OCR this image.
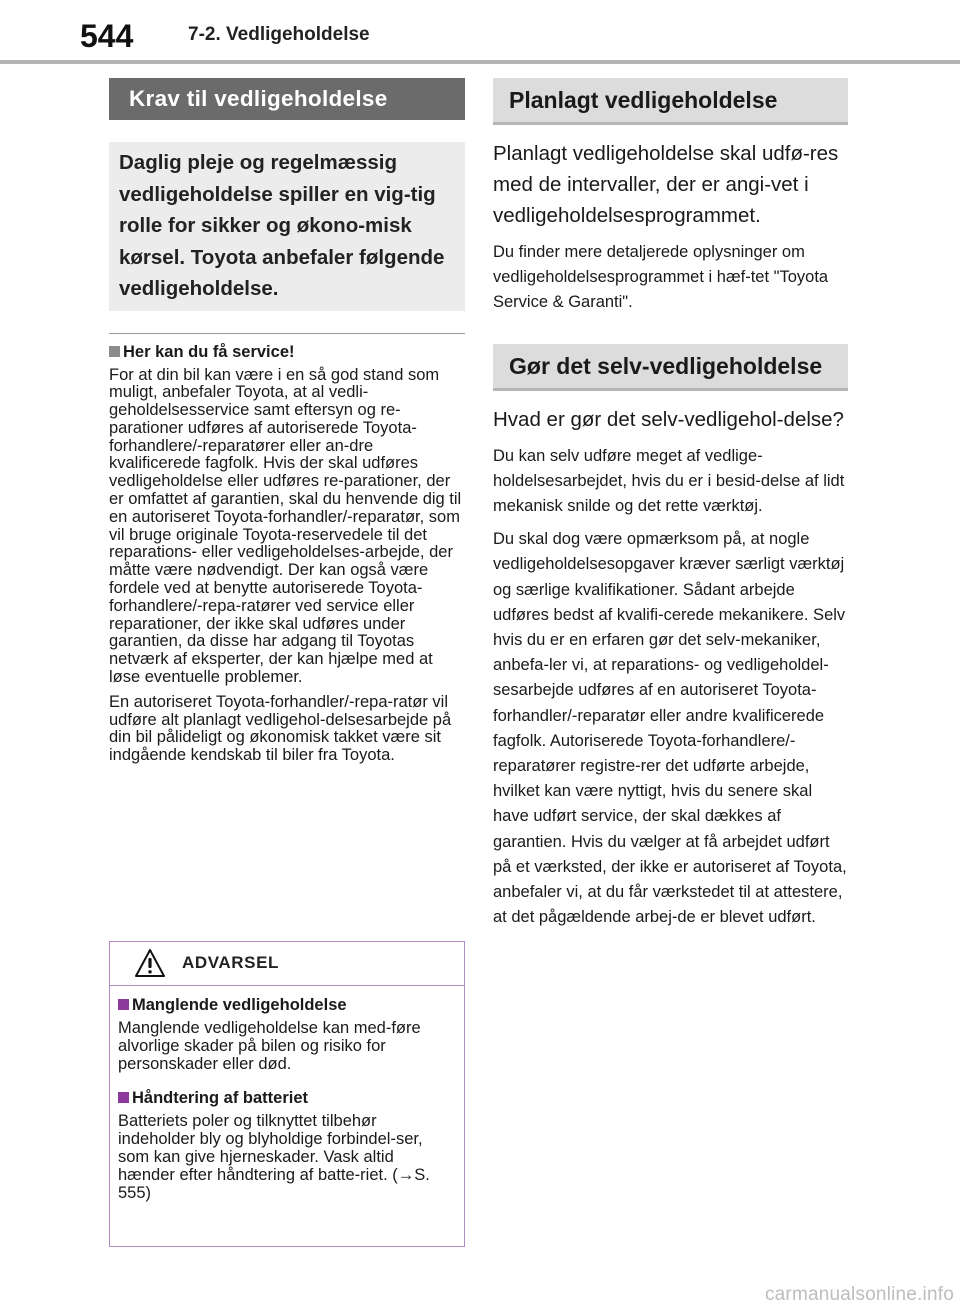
544	7-2. Vedligeholdelse
Krav til vedligeholdelse
Daglig pleje og regelmæssig vedligeholdelse spiller en vig-tig rolle for sikker og økono-misk kørsel. Toyota anbefaler følgende vedligeholdelse.
Her kan du få service!

For at din bil kan være i en så god stand som muligt, anbefaler Toyota, at al vedli-geholdelsesservice samt eftersyn og re-parationer udføres af autoriserede Toyota-forhandlere/-reparatører eller an-dre kvalificerede fagfolk. Hvis der skal udføres vedligeholdelse eller udføres re-parationer, der er omfattet af garantien, skal du henvende dig til en autoriseret Toyota-forhandler/-reparatør, som vil bruge originale Toyota-reservedele til det reparations- eller vedligeholdelses-arbejde, der måtte være nødvendigt. Der kan også være fordele ved at benytte autoriserede Toyota-forhandlere/-repa-ratører ved service eller reparationer, der ikke skal udføres under garantien, da disse har adgang til Toyotas netværk af eksperter, der kan hjælpe med at løse eventuelle problemer.

En autoriseret Toyota-forhandler/-repa-ratør vil udføre alt planlagt vedligehol-delsesarbejde på din bil pålideligt og økonomisk takket være sit indgående kendskab til biler fra Toyota.

ADVARSEL
Manglende vedligeholdelse
Manglende vedligeholdelse kan med-føre alvorlige skader på bilen og risiko for personskader eller død.
Håndtering af batteriet
Batteriets poler og tilknyttet tilbehør indeholder bly og blyholdige forbindel-ser, som kan give hjerneskader. Vask altid hænder efter håndtering af batte-riet. (→S. 555)
Planlagt vedligeholdelse
Planlagt vedligeholdelse skal udfø-res med de intervaller, der er angi-vet i vedligeholdelsesprogrammet.
Du finder mere detaljerede oplysninger om vedligeholdelsesprogrammet i hæf-tet "Toyota Service & Garanti".
Gør det selv-vedligeholdelse
Hvad er gør det selv-vedligehol-delse?
Du kan selv udføre meget af vedlige-holdelsesarbejdet, hvis du er i besid-delse af lidt mekanisk snilde og det rette værktøj.
Du skal dog være opmærksom på, at nogle vedligeholdelsesopgaver kræver særligt værktøj og særlige kvalifikationer. Sådant arbejde udføres bedst af kvalifi-cerede mekanikere. Selv hvis du er en erfaren gør det selv-mekaniker, anbefa-ler vi, at reparations- og vedligeholdel-sesarbejde udføres af en autoriseret Toyota-forhandler/-reparatør eller andre kvalificerede fagfolk. Autoriserede Toyota-forhandlere/-reparatører registre-rer det udførte arbejde, hvilket kan være nyttigt, hvis du senere skal have udført service, der skal dækkes af garantien. Hvis du vælger at få arbejdet udført på et værksted, der ikke er autoriseret af Toyota, anbefaler vi, at du får værkstedet til at attestere, at det pågældende arbej-de er blevet udført.
carmanualsonline.info
